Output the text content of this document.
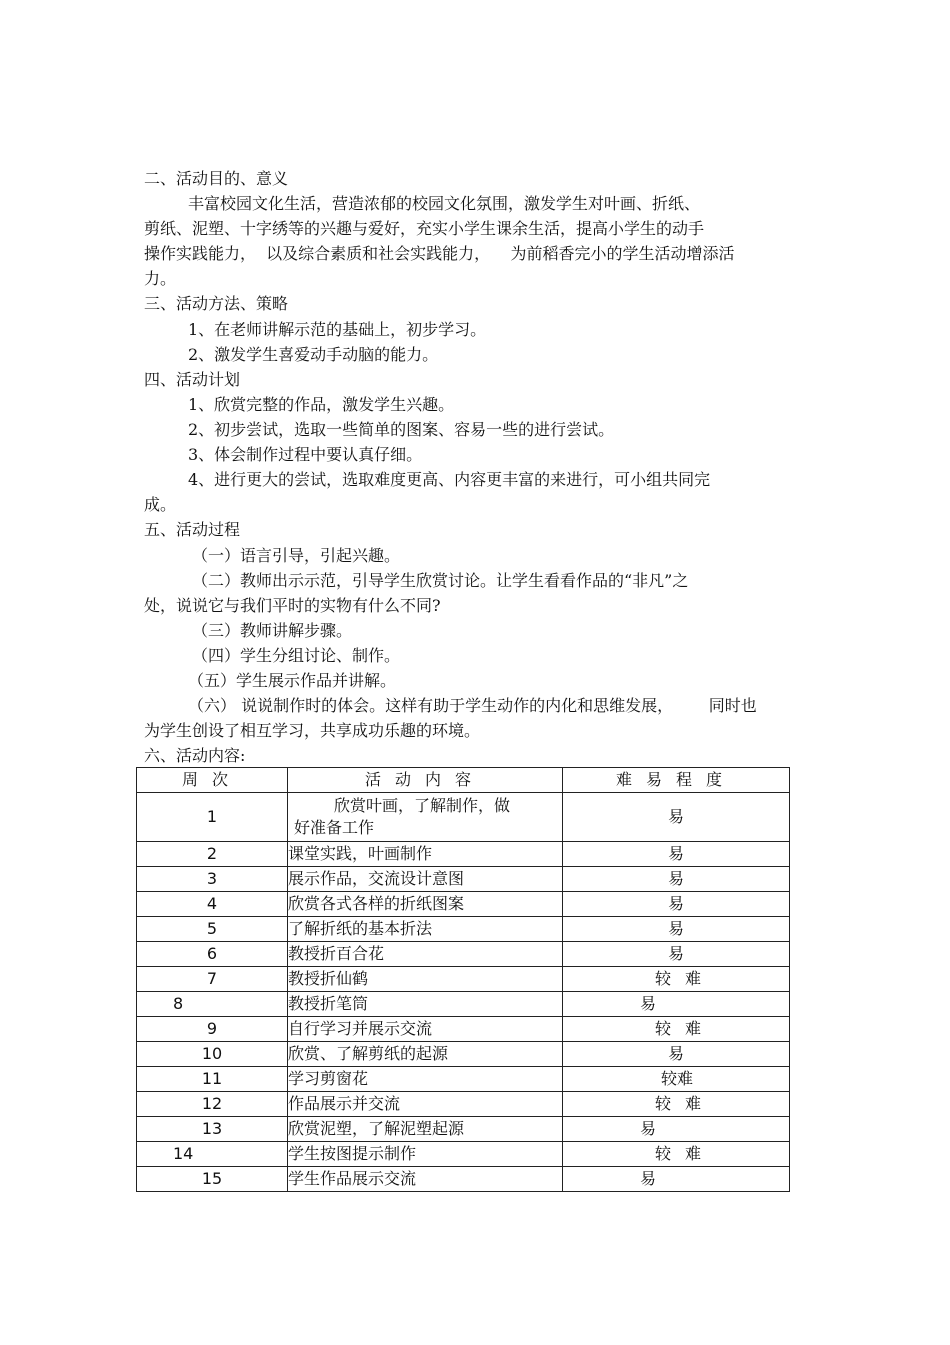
二、活动目的、意义
丰富校园文化生活，营造浓郁的校园文化氛围，激发学生对叶画、折纸、
剪纸、泥塑、十字绣等的兴趣与爱好，充实小学生课余生活，提高小学生的动手
操作实践能力，  以及综合素质和社会实践能力，    为前稻香完小的学生活动增添活
力。
三、活动方法、策略
1、在老师讲解示范的基础上，初步学习。
2、激发学生喜爱动手动脑的能力。
四、活动计划
1、欣赏完整的作品，激发学生兴趣。
2、初步尝试，选取一些简单的图案、容易一些的进行尝试。
3、体会制作过程中要认真仔细。
4、进行更大的尝试，选取难度更高、内容更丰富的来进行，可小组共同完
成。
五、活动过程
（一）语言引导，引起兴趣。
（二）教师出示示范，引导学生欣赏讨论。让学生看看作品的“非凡”之
处，说说它与我们平时的实物有什么不同?
（三）教师讲解步骤。
（四）学生分组讨论、制作。
（五）学生展示作品并讲解。
（六） 说说制作时的体会。这样有助于学生动作的内化和思维发展，       同时也
为学生创设了相互学习，共享成功乐趣的环境。
六、活动内容:
周次	活动内容	难易程度
1	欣赏叶画，了解制作，做
好准备工作	易
2	课堂实践，叶画制作	易
3	展示作品，交流设计意图	易
4	欣赏各式各样的折纸图案	易
5	了解折纸的基本折法	易
6	教授折百合花	易
7	教授折仙鹤	较难
8	教授折笔筒	易
9	自行学习并展示交流	较难
10	欣赏、了解剪纸的起源	易
11	学习剪窗花	较难
12	作品展示并交流	较难
13	欣赏泥塑，了解泥塑起源	易
14	学生按图提示制作	较难
15	学生作品展示交流	易
